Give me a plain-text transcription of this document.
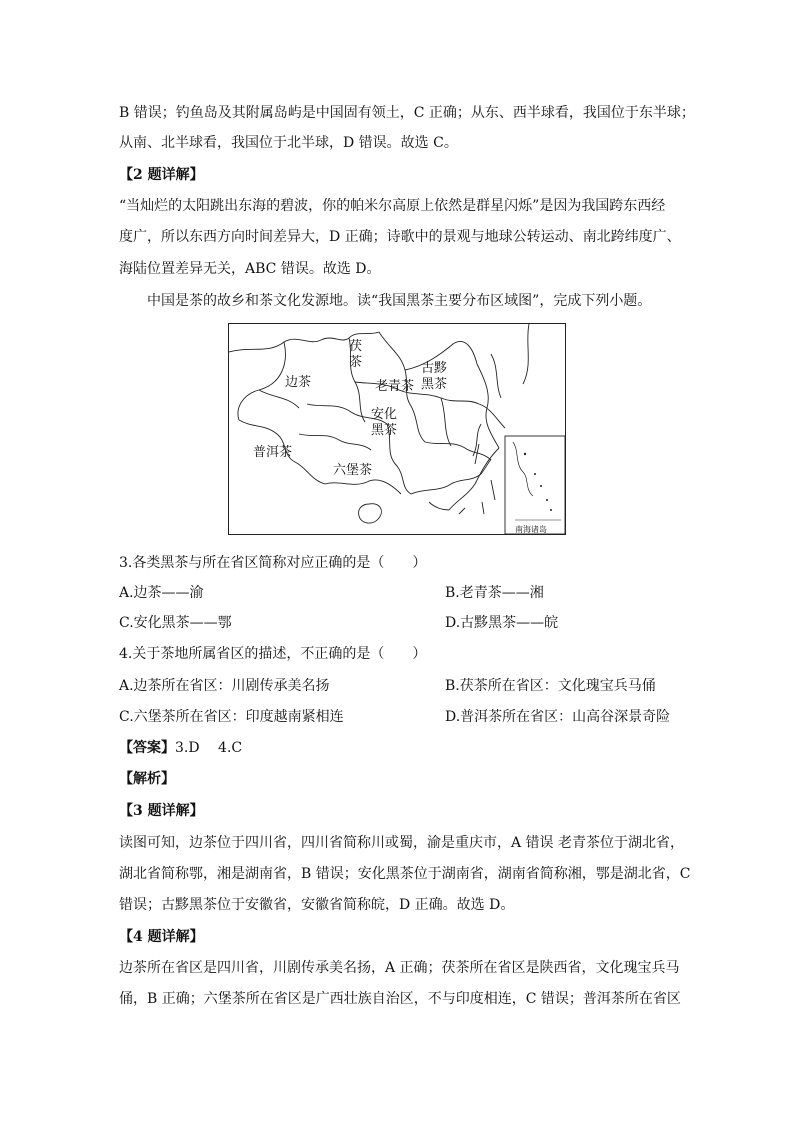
B 错误；钓鱼岛及其附属岛屿是中国固有领土，C 正确；从东、西半球看，我国位于东半球；
从南、北半球看，我国位于北半球，D 错误。故选 C。
【2 题详解】
“当灿烂的太阳跳出东海的碧波，你的帕米尔高原上依然是群星闪烁”是因为我国跨东西经
度广，所以东西方向时间差异大，D 正确；诗歌中的景观与地球公转运动、南北跨纬度广、
海陆位置差异无关，ABC 错误。故选 D。
中国是茶的故乡和茶文化发源地。读“我国黑茶主要分布区域图”，完成下列小题。
茯
茶
边茶	老青茶
古黟
黑茶
安化
黑茶
普洱茶
六堡茶
南海诸岛
3.各类黑茶与所在省区简称对应正确的是（　　）
A.边茶——渝	B.老青茶——湘
C.安化黑茶——鄂	D.古黟黑茶——皖
4.关于茶地所属省区的描述，不正确的是（　　）
A.边茶所在省区：川剧传承美名扬	B.茯茶所在省区：文化瑰宝兵马俑
C.六堡茶所在省区：印度越南紧相连	D.普洱茶所在省区：山高谷深景奇险
【答案】3.D　 4.C
【解析】
【3 题详解】
读图可知，边茶位于四川省，四川省简称川或蜀，渝是重庆市，A 错误 老青茶位于湖北省，
湖北省简称鄂，湘是湖南省，B 错误；安化黑茶位于湖南省，湖南省简称湘，鄂是湖北省，C
错误；古黟黑茶位于安徽省，安徽省简称皖，D 正确。故选 D。
【4 题详解】
边茶所在省区是四川省，川剧传承美名扬，A 正确；茯茶所在省区是陕西省，文化瑰宝兵马
俑，B 正确；六堡茶所在省区是广西壮族自治区，不与印度相连，C 错误；普洱茶所在省区
